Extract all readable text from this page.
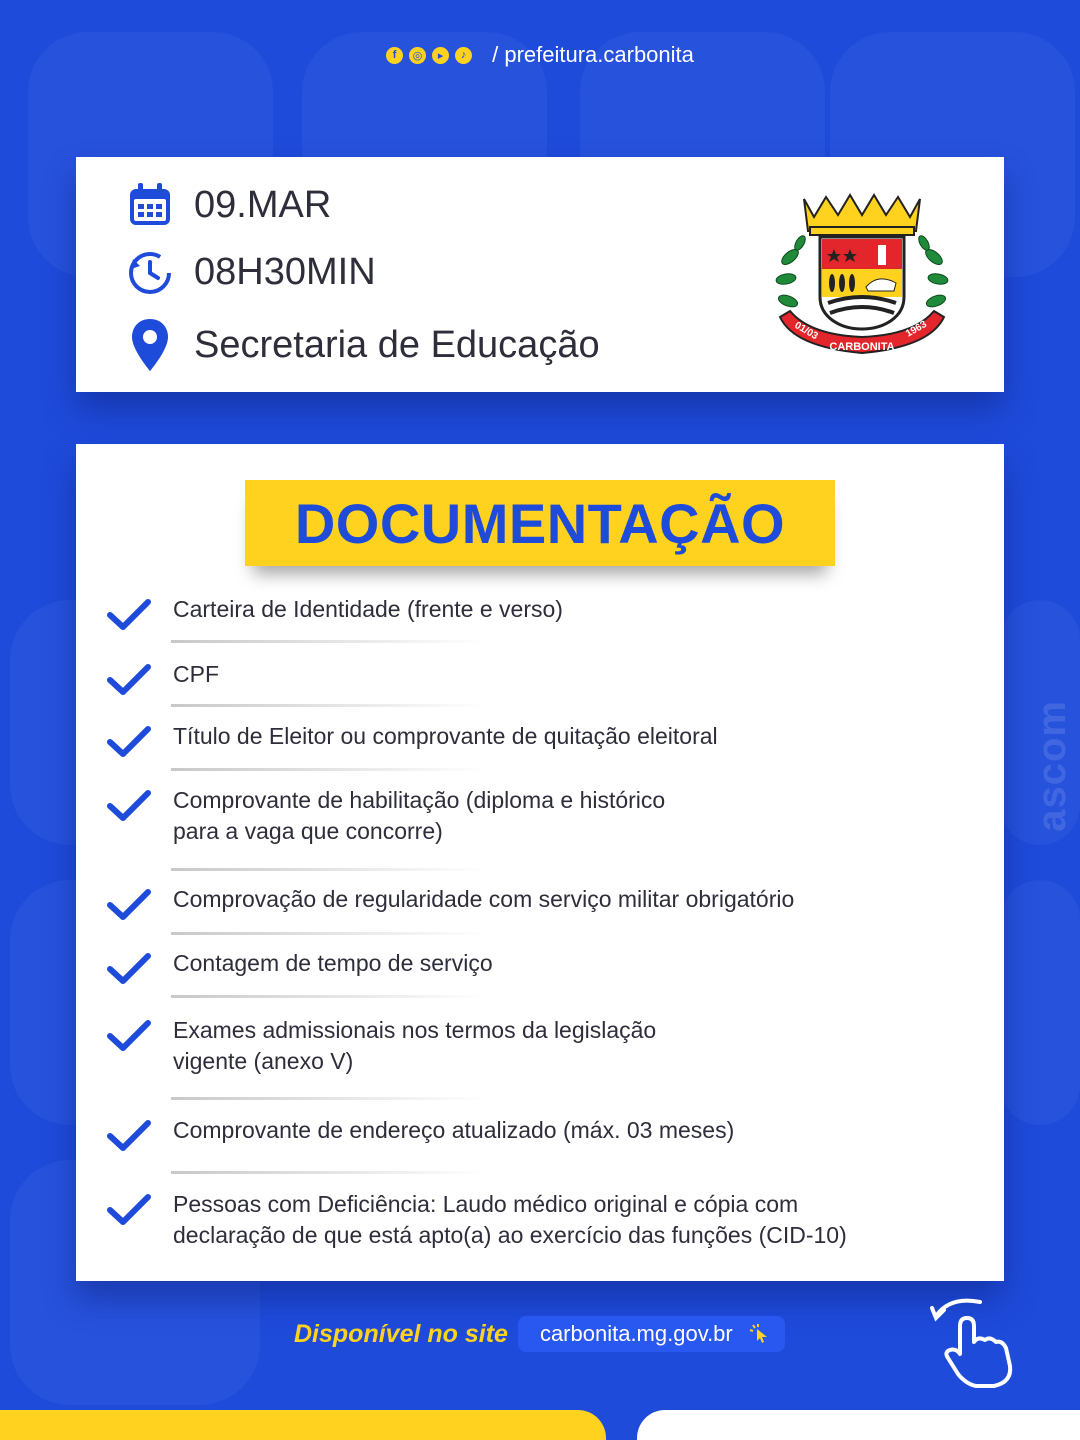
ascom
f	◎	▸	♪ / prefeitura.carbonita
09.MAR
08H30MIN
Secretaria de Educação	01/03	1963
CARBONITA
DOCUMENTAÇÃO
Carteira de Identidade (frente e verso)
CPF
Título de Eleitor ou comprovante de quitação eleitoral
Comprovante de habilitação (diploma e histórico
para a vaga que concorre)
Comprovação de regularidade com serviço militar obrigatório
Contagem de tempo de serviço
Exames admissionais nos termos da legislação
vigente (anexo V)
Comprovante de endereço atualizado (máx. 03 meses)
Pessoas com Deficiência: Laudo médico original e cópia com
declaração de que está apto(a) ao exercício das funções (CID-10)
Disponível no site carbonita.mg.gov.br
